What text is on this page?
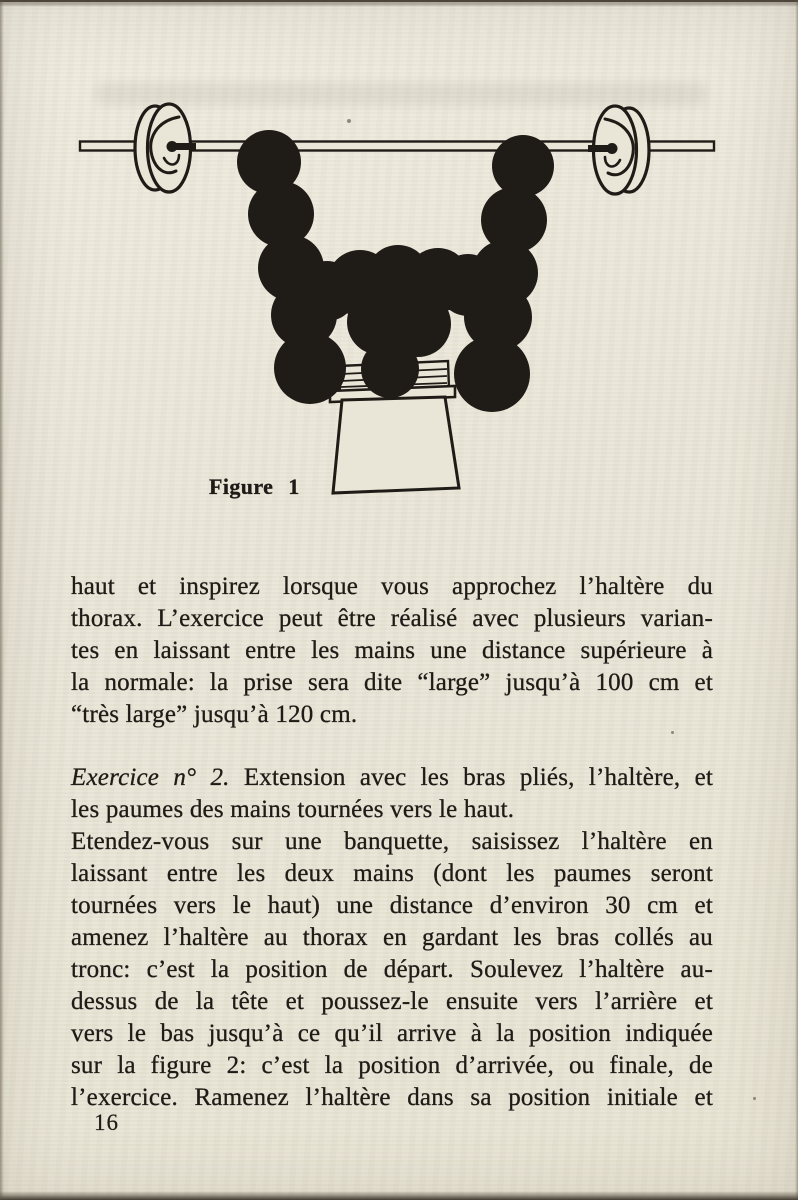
Figure 1
haut et inspirez lorsque vous approchez l’haltère du
thorax. L’exercice peut être réalisé avec plusieurs varian-
tes en laissant entre les mains une distance supérieure à
la normale: la prise sera dite “large” jusqu’à 100 cm et
“très large” jusqu’à 120 cm.
Exercice n° 2. Extension avec les bras pliés, l’haltère, et
les paumes des mains tournées vers le haut.
Etendez-vous sur une banquette, saisissez l’haltère en
laissant entre les deux mains (dont les paumes seront
tournées vers le haut) une distance d’environ 30 cm et
amenez l’haltère au thorax en gardant les bras collés au
tronc: c’est la position de départ. Soulevez l’haltère au-
dessus de la tête et poussez-le ensuite vers l’arrière et
vers le bas jusqu’à ce qu’il arrive à la position indiquée
sur la figure 2: c’est la position d’arrivée, ou finale, de
l’exercice. Ramenez l’haltère dans sa position initiale et
16
